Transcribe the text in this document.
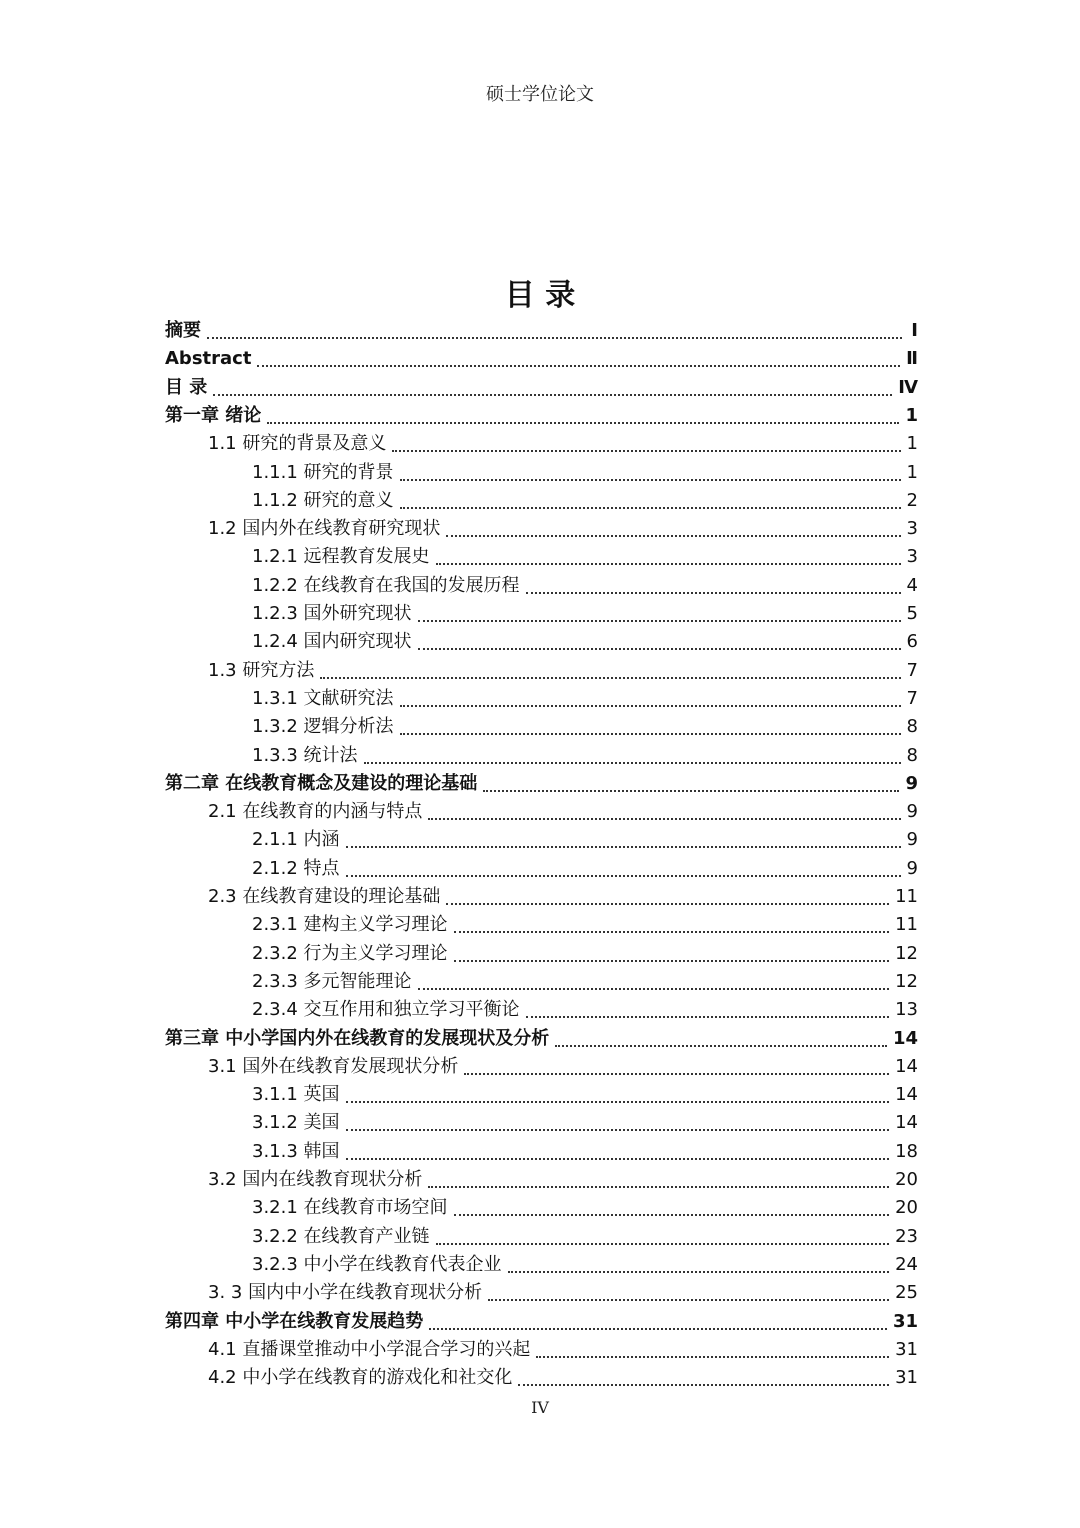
硕士学位论文
目 录
摘要	Ⅰ
Abstract	Ⅱ
目 录	Ⅳ
第一章 绪论	1
1.1 研究的背景及意义	1
1.1.1 研究的背景	1
1.1.2 研究的意义	2
1.2 国内外在线教育研究现状	3
1.2.1 远程教育发展史	3
1.2.2 在线教育在我国的发展历程	4
1.2.3 国外研究现状	5
1.2.4 国内研究现状	6
1.3 研究方法	7
1.3.1 文献研究法	7
1.3.2 逻辑分析法	8
1.3.3 统计法	8
第二章 在线教育概念及建设的理论基础	9
2.1 在线教育的内涵与特点	9
2.1.1 内涵	9
2.1.2 特点	9
2.3 在线教育建设的理论基础	11
2.3.1 建构主义学习理论	11
2.3.2 行为主义学习理论	12
2.3.3 多元智能理论	12
2.3.4 交互作用和独立学习平衡论	13
第三章 中小学国内外在线教育的发展现状及分析	14
3.1 国外在线教育发展现状分析	14
3.1.1 英国	14
3.1.2 美国	14
3.1.3 韩国	18
3.2 国内在线教育现状分析	20
3.2.1 在线教育市场空间	20
3.2.2 在线教育产业链	23
3.2.3 中小学在线教育代表企业	24
3. 3 国内中小学在线教育现状分析	25
第四章 中小学在线教育发展趋势	31
4.1 直播课堂推动中小学混合学习的兴起	31
4.2 中小学在线教育的游戏化和社交化	31
IV
